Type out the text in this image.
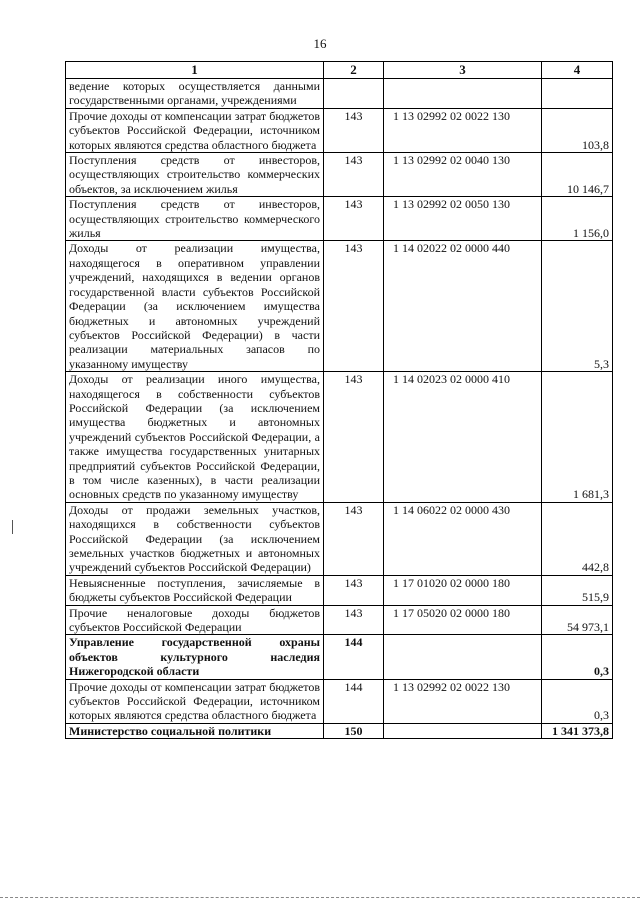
16
1	2	3	4
ведение которых осуществляется данными государственными органами, учреждениями			
Прочие доходы от компенсации затрат бюджетов субъектов Российской Федерации, источником которых являются средства областного бюджета	143	1 13 02992 02 0022 130	103,8
Поступления средств от инвесторов, осуществляющих строительство коммерческих объектов, за исключением жилья	143	1 13 02992 02 0040 130	10 146,7
Поступления средств от инвесторов, осуществляющих строительство коммерческого жилья	143	1 13 02992 02 0050 130	1 156,0
Доходы от реализации имущества, находящегося в оперативном управлении учреждений, находящихся в ведении органов государственной власти субъектов Российской Федерации (за исключением имущества бюджетных и автономных учреждений субъектов Российской Федерации) в части реализации материальных запасов по указанному имуществу	143	1 14 02022 02 0000 440	5,3
Доходы от реализации иного имущества, находящегося в собственности субъектов Российской Федерации (за исключением имущества бюджетных и автономных учреждений субъектов Российской Федерации, а также имущества государственных унитарных предприятий субъектов Российской Федерации, в том числе казенных), в части реализации основных средств по указанному имуществу	143	1 14 02023 02 0000 410	1 681,3
Доходы от продажи земельных участков, находящихся в собственности субъектов Российской Федерации (за исключением земельных участков бюджетных и автономных учреждений субъектов Российской Федерации)	143	1 14 06022 02 0000 430	442,8
Невыясненные поступления, зачисляемые в бюджеты субъектов Российской Федерации	143	1 17 01020 02 0000 180	515,9
Прочие неналоговые доходы бюджетов субъектов Российской Федерации	143	1 17 05020 02 0000 180	54 973,1
Управление государственной охраны объектов культурного наследия Нижегородской области	144		0,3
Прочие доходы от компенсации затрат бюджетов субъектов Российской Федерации, источником которых являются средства областного бюджета	144	1 13 02992 02 0022 130	0,3
Министерство социальной политики	150		1 341 373,8
